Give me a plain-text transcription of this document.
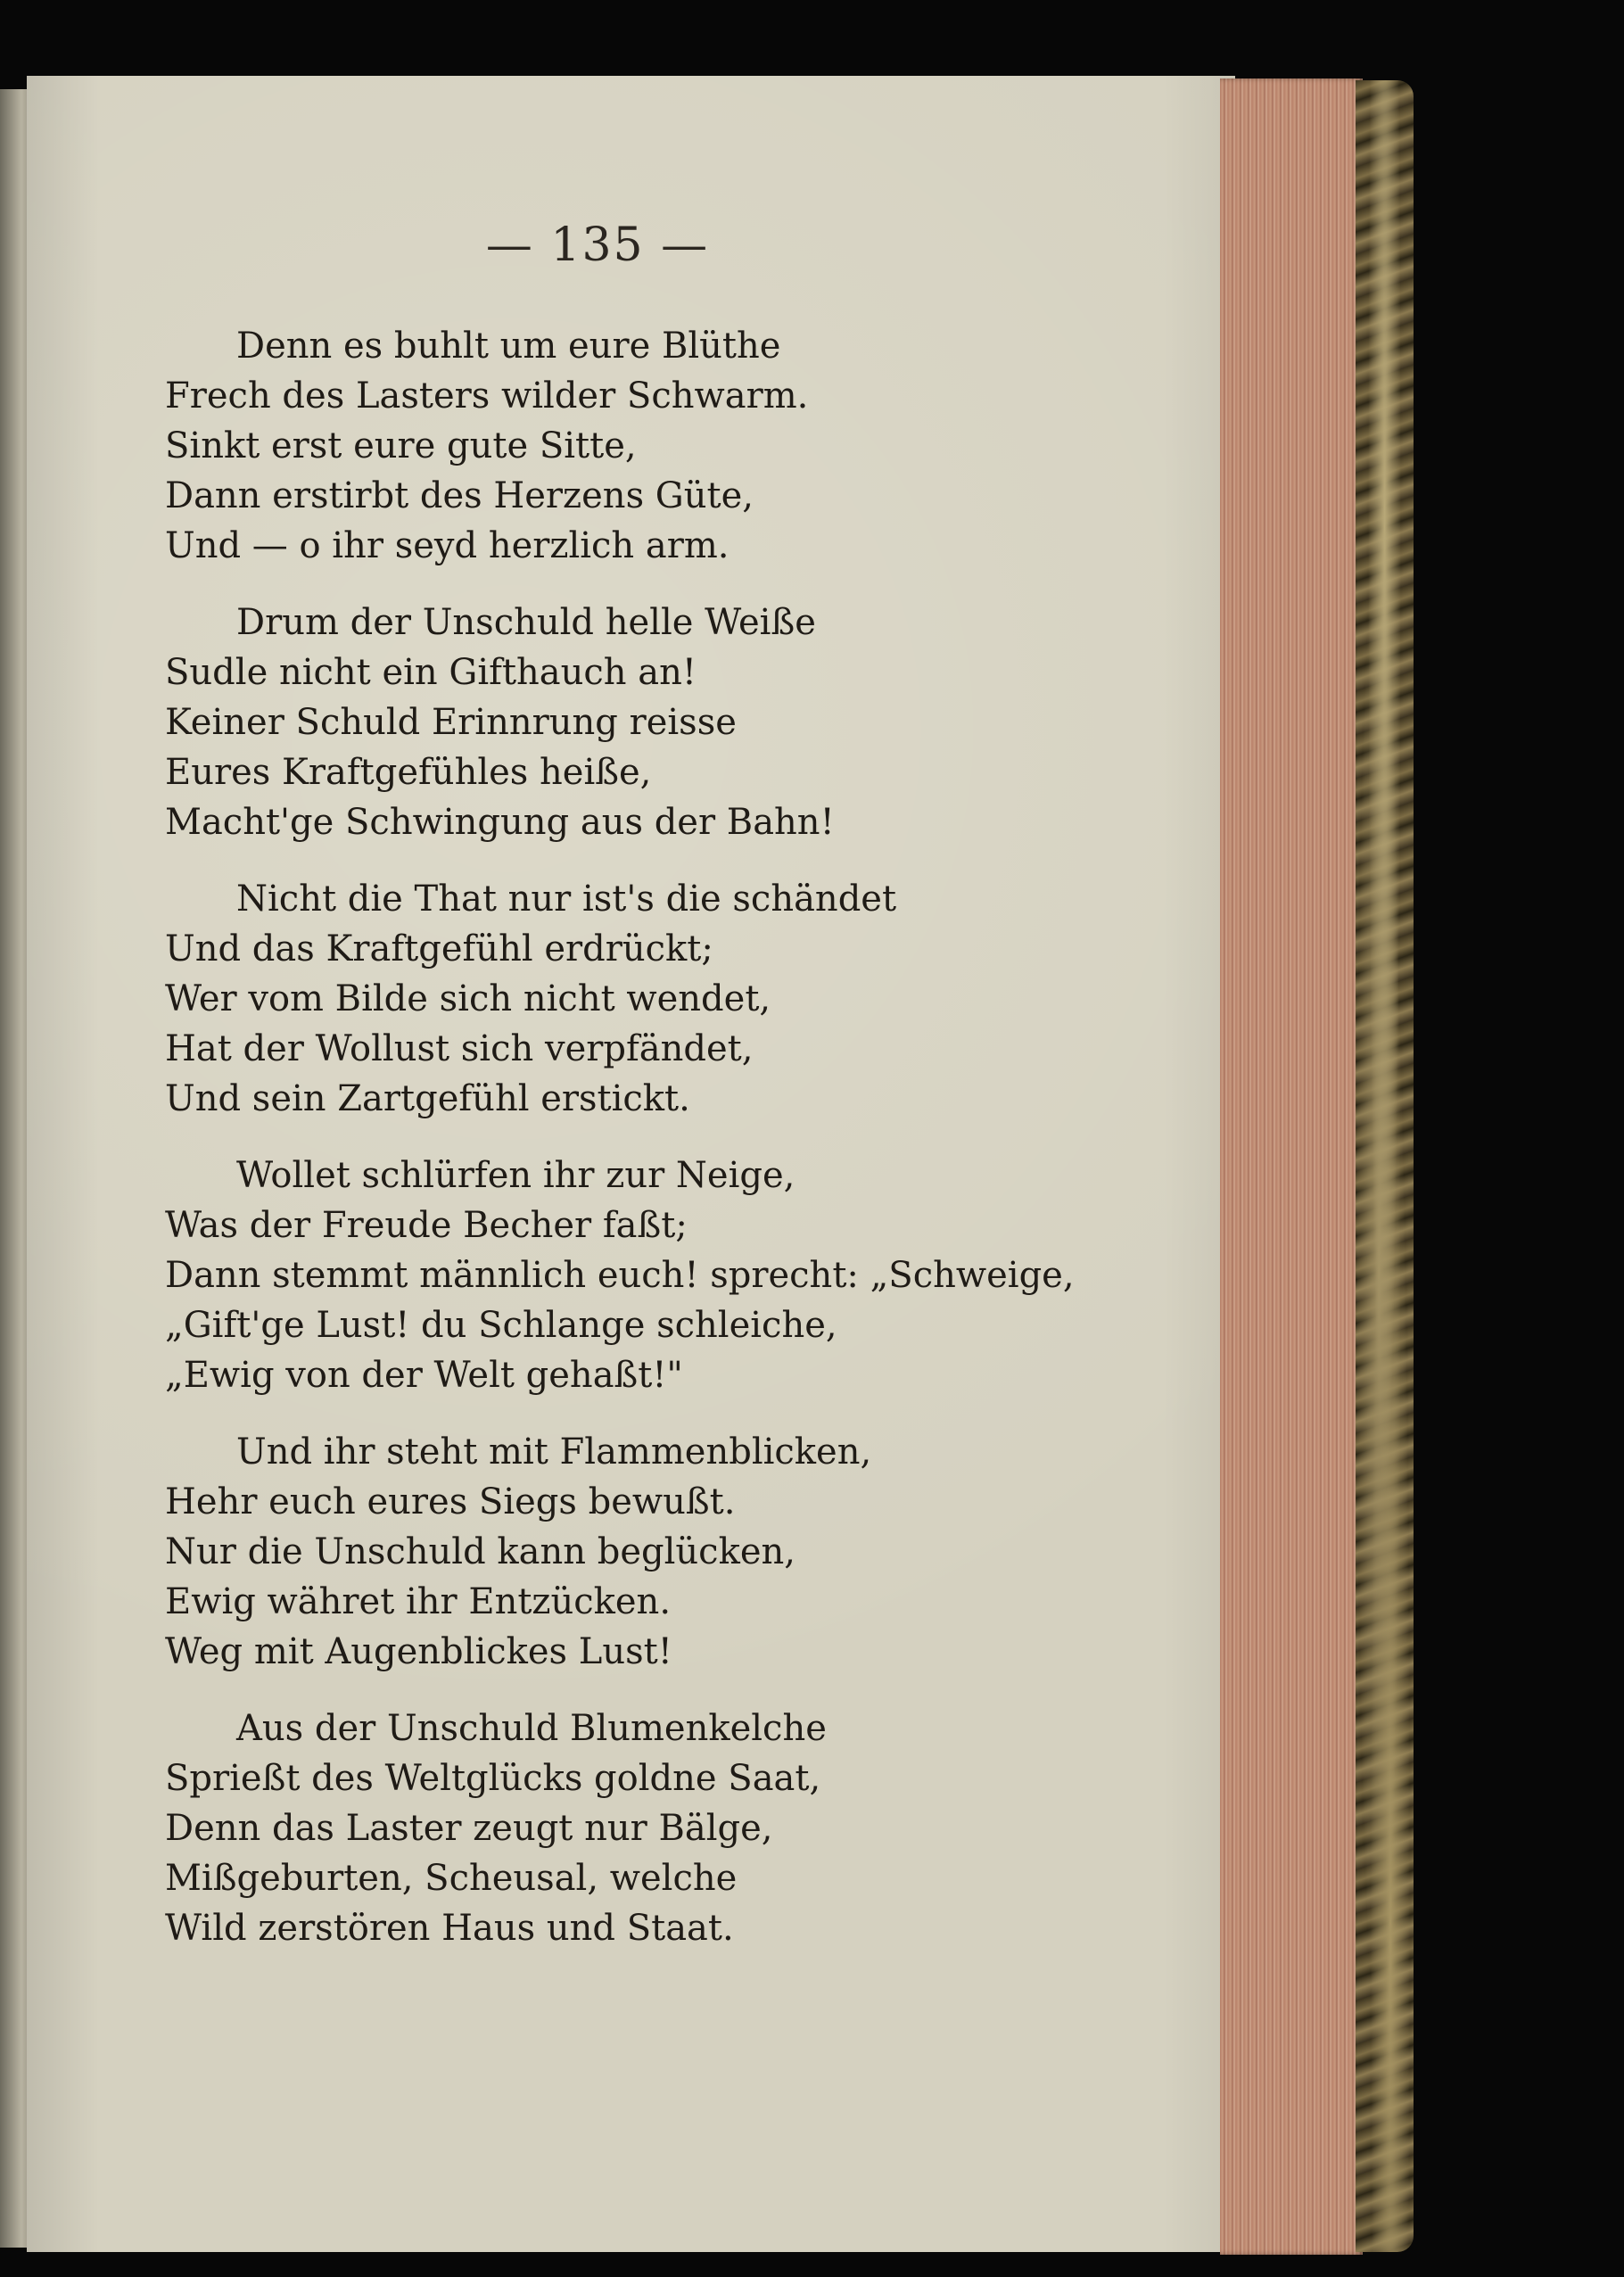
— 135 —
Denn es buhlt um eure Blüthe
Frech des Lasters wilder Schwarm.
Sinkt erst eure gute Sitte,
Dann erstirbt des Herzens Güte,
Und — o ihr seyd herzlich arm.
Drum der Unschuld helle Weiße
Sudle nicht ein Gifthauch an!
Keiner Schuld Erinnrung reisse
Eures Kraftgefühles heiße,
Macht'ge Schwingung aus der Bahn!
Nicht die That nur ist's die schändet
Und das Kraftgefühl erdrückt;
Wer vom Bilde sich nicht wendet,
Hat der Wollust sich verpfändet,
Und sein Zartgefühl erstickt.
Wollet schlürfen ihr zur Neige,
Was der Freude Becher faßt;
Dann stemmt männlich euch! sprecht: „Schweige,
„Gift'ge Lust! du Schlange schleiche,
„Ewig von der Welt gehaßt!"
Und ihr steht mit Flammenblicken,
Hehr euch eures Siegs bewußt.
Nur die Unschuld kann beglücken,
Ewig währet ihr Entzücken.
Weg mit Augenblickes Lust!
Aus der Unschuld Blumenkelche
Sprießt des Weltglücks goldne Saat,
Denn das Laster zeugt nur Bälge,
Mißgeburten, Scheusal, welche
Wild zerstören Haus und Staat.
